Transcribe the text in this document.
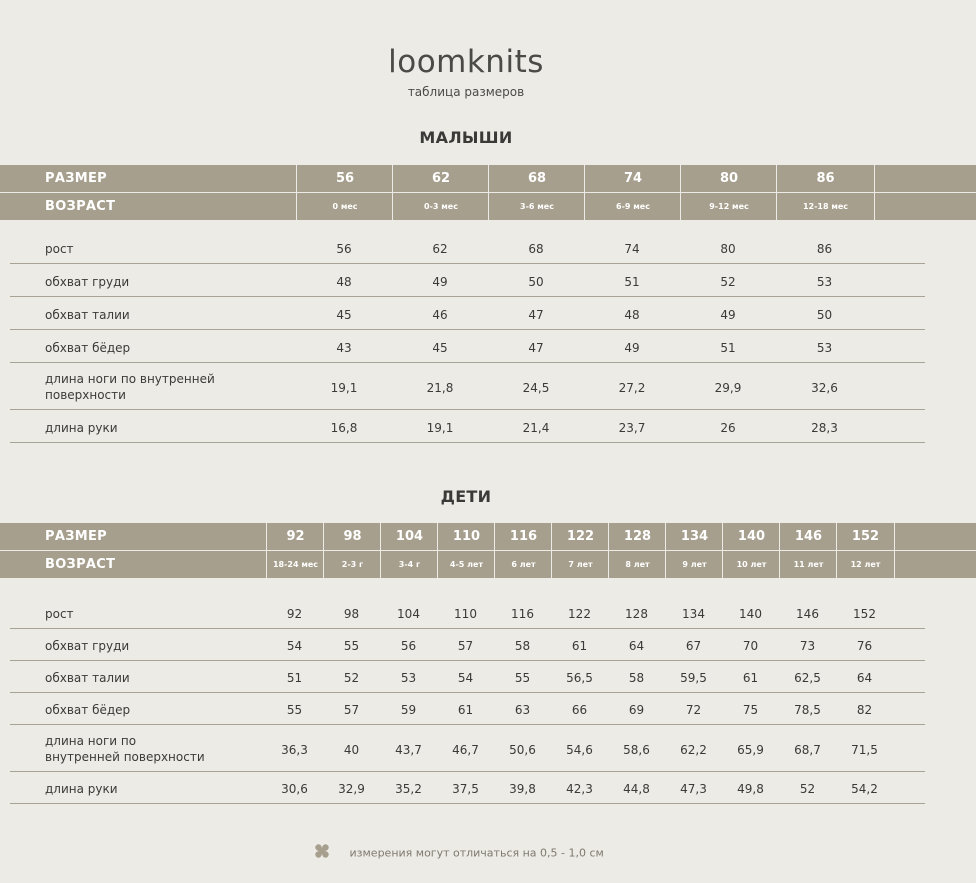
loomknits
таблица размеров
МАЛЫШИ
РАЗМЕР	56	62	68	74	80	86
ВОЗРАСТ	0 мес	0-3 мес	3-6 мес	6-9 мес	9-12 мес	12-18 мес
рост	56	62	68	74	80	86
обхват груди	48	49	50	51	52	53
обхват талии	45	46	47	48	49	50
обхват бёдер	43	45	47	49	51	53
длина ноги по внутренней поверхности	19,1	21,8	24,5	27,2	29,9	32,6
длина руки	16,8	19,1	21,4	23,7	26	28,3
ДЕТИ
РАЗМЕР	92	98	104	110	116	122	128	134	140	146	152
ВОЗРАСТ	18-24 мес	2-3 г	3-4 г	4-5 лет	6 лет	7 лет	8 лет	9 лет	10 лет	11 лет	12 лет
рост	92	98	104	110	116	122	128	134	140	146	152
обхват груди	54	55	56	57	58	61	64	67	70	73	76
обхват талии	51	52	53	54	55	56,5	58	59,5	61	62,5	64
обхват бёдер	55	57	59	61	63	66	69	72	75	78,5	82
длина ноги по внутренней поверхности	36,3	40	43,7	46,7	50,6	54,6	58,6	62,2	65,9	68,7	71,5
длина руки	30,6	32,9	35,2	37,5	39,8	42,3	44,8	47,3	49,8	52	54,2
измерения могут отличаться на 0,5 - 1,0 см
